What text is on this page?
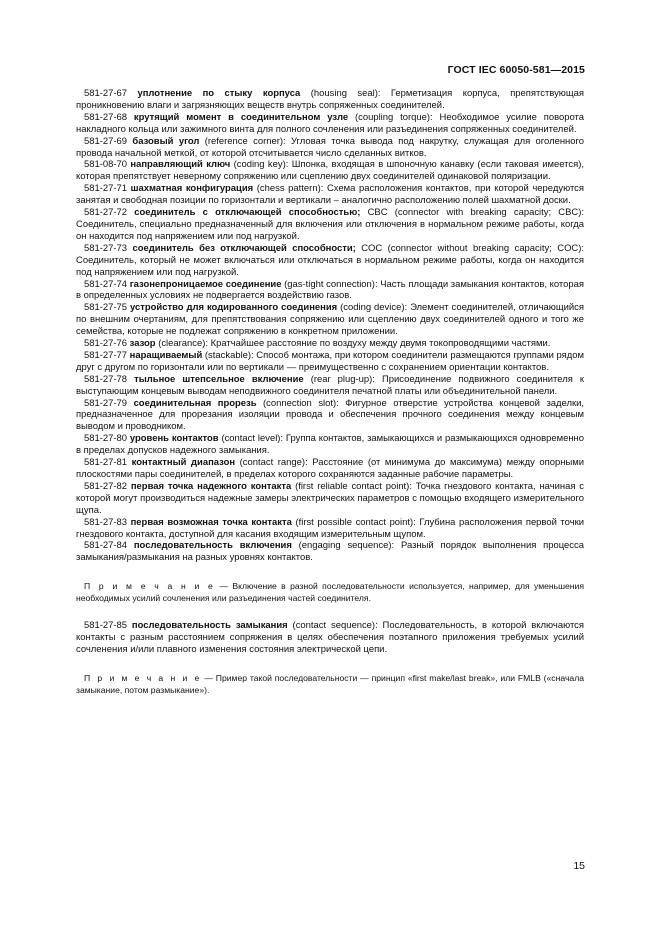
ГОСТ IEC 60050-581—2015

581-27-67 уплотнение по стыку корпуса (housing seal): Герметизация корпуса, препятствующая проникновению влаги и загрязняющих веществ внутрь сопряженных соединителей.

581-27-68 крутящий момент в соединительном узле (coupling torque): Необходимое усилие поворота накладного кольца или зажимного винта для полного сочленения или разъединения сопряженных соединителей.

581-27-69 базовый угол (reference corner): Угловая точка вывода под накрутку, служащая для оголенного провода начальной меткой, от которой отсчитывается число сделанных витков.

581-08-70 направляющий ключ (coding key): Шпонка, входящая в шпоночную канавку (если таковая имеется), которая препятствует неверному сопряжению или сцеплению двух соединителей одинаковой поляризации.

581-27-71 шахматная конфигурация (chess pattern): Схема расположения контактов, при которой чередуются занятая и свободная позиции по горизонтали и вертикали – аналогично расположению полей шахматной доски.

581-27-72 соединитель с отключающей способностью; CBC (connector with breaking capacity; CBC): Соединитель, специально предназначенный для включения или отключения в нормальном режиме работы, когда он находится под напряжением или под нагрузкой.

581-27-73 соединитель без отключающей способности; COC (connector without breaking capacity; COC): Соединитель, который не может включаться или отключаться в нормальном режиме работы, когда он находится под напряжением или под нагрузкой.

581-27-74 газонепроницаемое соединение (gas-tight connection): Часть площади замыкания контактов, которая в определенных условиях не подвергается воздействию газов.

581-27-75 устройство для кодированного соединения (coding device): Элемент соединителей, отличающийся по внешним очертаниям, для препятствования сопряжению или сцеплению двух соединителей одного и того же семейства, которые не подлежат сопряжению в конкретном приложении.

581-27-76 зазор (clearance): Кратчайшее расстояние по воздуху между двумя токопроводящими частями.

581-27-77 наращиваемый (stackable): Способ монтажа, при котором соединители размещаются группами рядом друг с другом по горизонтали или по вертикали — преимущественно с сохранением ориентации контактов.

581-27-78 тыльное штепсельное включение (rear plug-up): Присоединение подвижного соединителя к выступающим концевым выводам неподвижного соединителя печатной платы или объединительной панели.

581-27-79 соединительная прорезь (connection slot): Фигурное отверстие устройства концевой заделки, предназначенное для прорезания изоляции провода и обеспечения прочного соединения между концевым выводом и проводником.

581-27-80 уровень контактов (contact level): Группа контактов, замыкающихся и размыкающихся одновременно в пределах допусков надежного замыкания.

581-27-81 контактный диапазон (contact range): Расстояние (от минимума до максимума) между опорными плоскостями пары соединителей, в пределах которого сохраняются заданные рабочие параметры.

581-27-82 первая точка надежного контакта (first reliable contact point): Точка гнездового контакта, начиная с которой могут производиться надежные замеры электрических параметров с помощью входящего измерительного щупа.

581-27-83 первая возможная точка контакта (first possible contact point): Глубина расположения первой точки гнездового контакта, доступной для касания входящим измерительным щупом.

581-27-84 последовательность включения (engaging sequence): Разный порядок выполнения процесса замыкания/размыкания на разных уровнях контактов.

П р и м е ч а н и е — Включение в разной последовательности используется, например, для уменьшения необходимых усилий сочленения или разъединения частей соединителя.

581-27-85 последовательность замыкания (contact sequence): Последовательность, в которой включаются контакты с разным расстоянием сопряжения в целях обеспечения поэтапного приложения требуемых усилий сочленения и/или плавного изменения состояния электрической цепи.

П р и м е ч а н и е — Пример такой последовательности — принцип «first make/last break», или FMLB («сначала замыкание, потом размыкание»).

15
